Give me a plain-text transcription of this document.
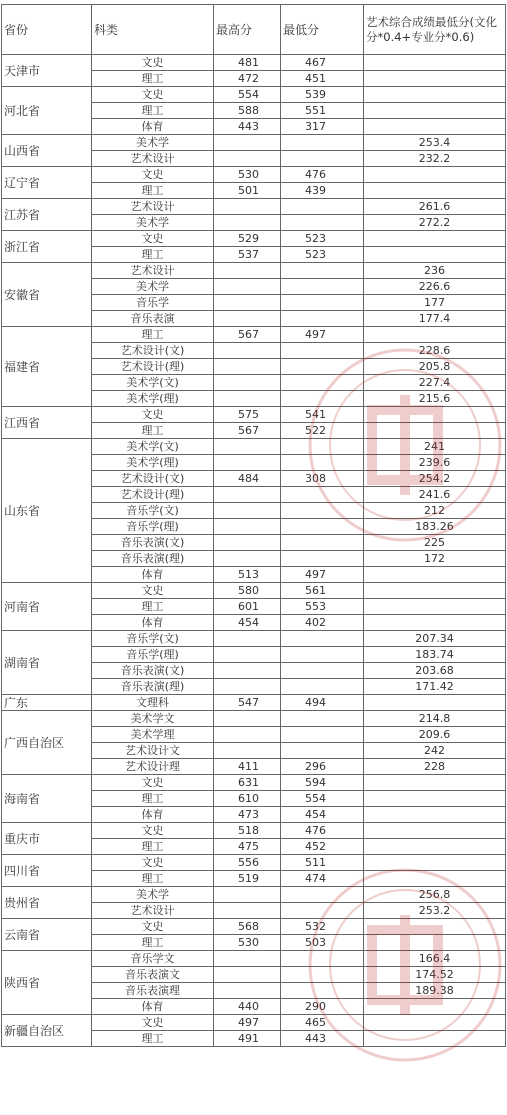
省份	科类	最高分	最低分	艺术综合成绩最低分(文化分*0.4+专业分*0.6)
天津市	文史	481	467	
	理工	472	451	
河北省	文史	554	539	
	理工	588	551	
	体育	443	317	
山西省	美术学			253.4
	艺术设计			232.2
辽宁省	文史	530	476	
	理工	501	439	
江苏省	艺术设计			261.6
	美术学			272.2
浙江省	文史	529	523	
	理工	537	523	
安徽省	艺术设计			236
	美术学			226.6
	音乐学			177
	音乐表演			177.4
福建省	理工	567	497	
	艺术设计(文)			228.6
	艺术设计(理)			205.8
	美术学(文)			227.4
	美术学(理)			215.6
江西省	文史	575	541	
	理工	567	522	
山东省	美术学(文)			241
	美术学(理)			239.6
	艺术设计(文)	484	308	254.2
	艺术设计(理)			241.6
	音乐学(文)			212
	音乐学(理)			183.26
	音乐表演(文)			225
	音乐表演(理)			172
	体育	513	497	
河南省	文史	580	561	
	理工	601	553	
	体育	454	402	
湖南省	音乐学(文)			207.34
	音乐学(理)			183.74
	音乐表演(文)			203.68
	音乐表演(理)			171.42
广东	文理科	547	494	
广西自治区	美术学文			214.8
	美术学理			209.6
	艺术设计文			242
	艺术设计理	411	296	228
海南省	文史	631	594	
	理工	610	554	
	体育	473	454	
重庆市	文史	518	476	
	理工	475	452	
四川省	文史	556	511	
	理工	519	474	
贵州省	美术学			256.8
	艺术设计			253.2
云南省	文史	568	532	
	理工	530	503	
陕西省	音乐学文			166.4
	音乐表演文			174.52
	音乐表演理			189.38
	体育	440	290	
新疆自治区	文史	497	465	
	理工	491	443	
